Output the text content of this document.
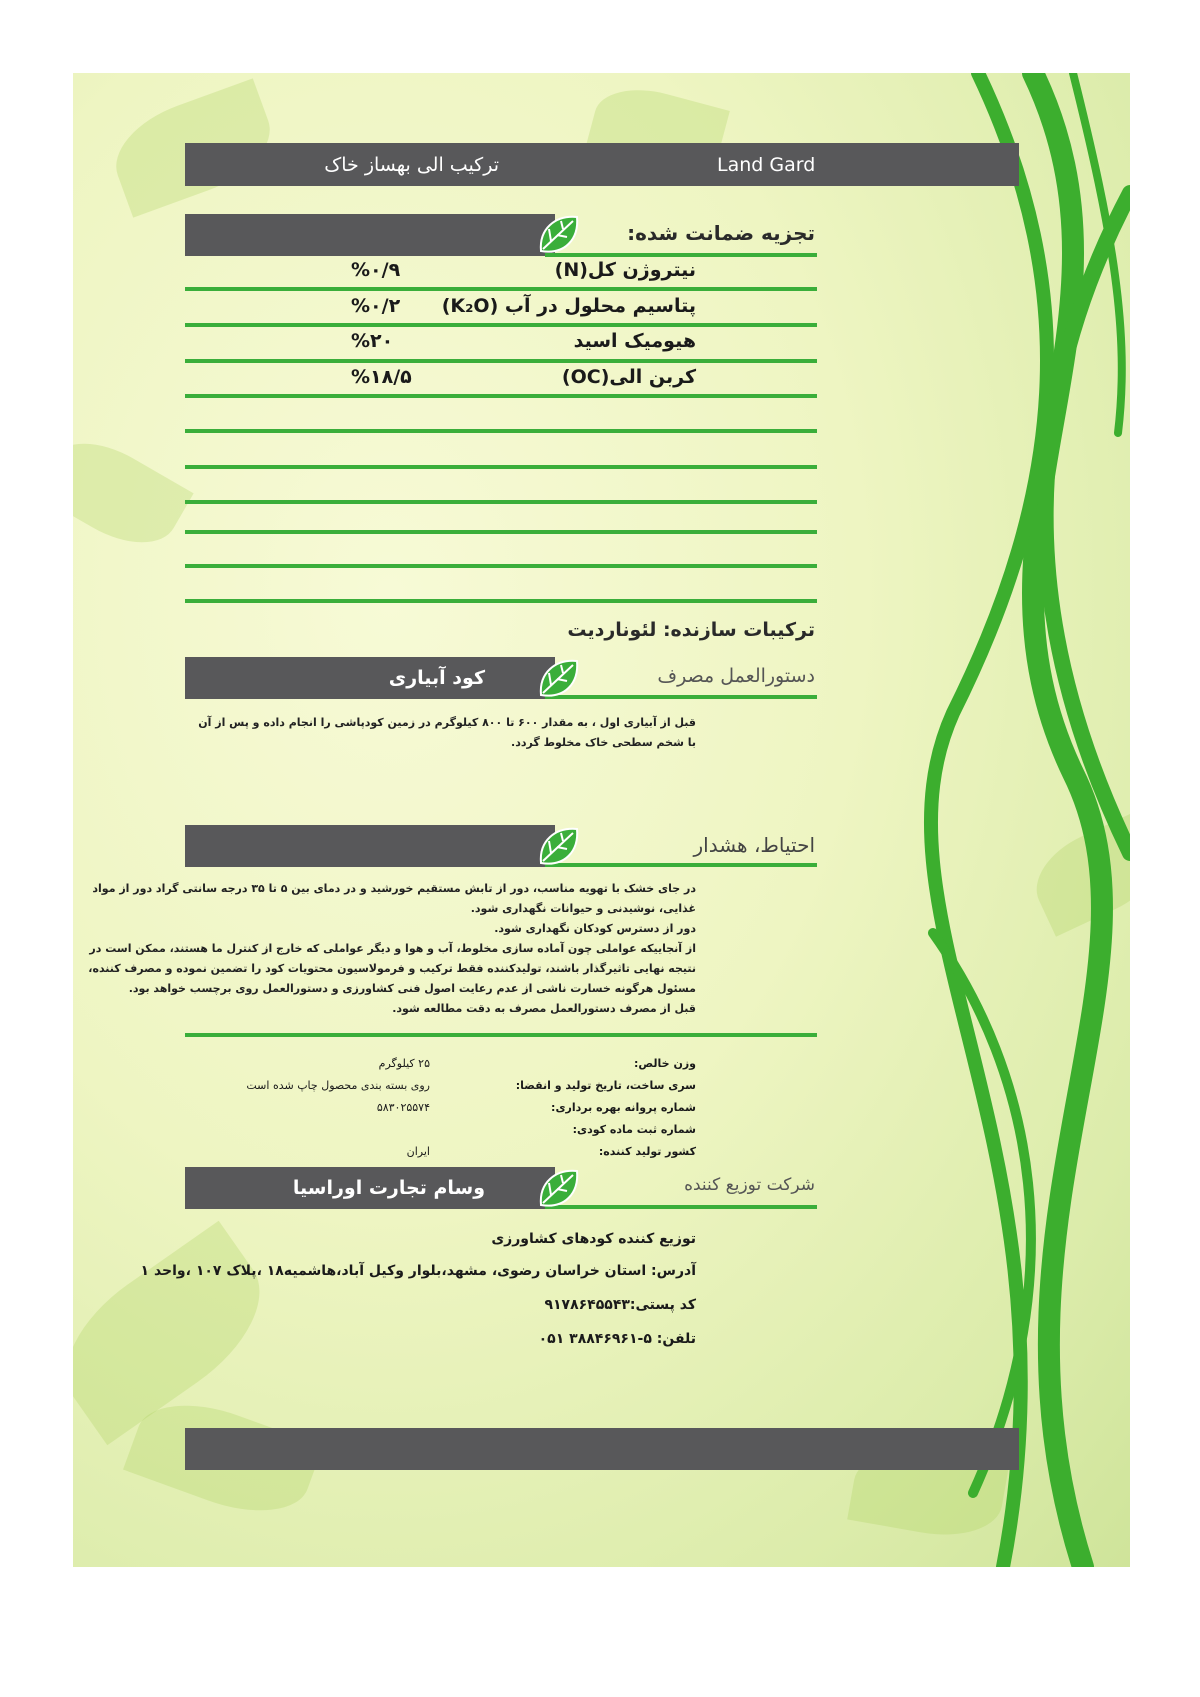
ترکیب الی بهساز خاک	Land Gard
تجزیه ضمانت شده:
نیتروژن کل(N)
%۰/۹
پتاسیم محلول در آب (K₂O)
%۰/۲
هیومیک اسید
%۲۰
کربن الی(OC)
%۱۸/۵
ترکیبات سازنده: لئوناردیت
کود آبیاری	دستورالعمل مصرف

قبل از آبیاری اول ، به مقدار ۶۰۰ تا ۸۰۰ کیلوگرم در زمین کودپاشی را انجام داده و پس از آن

با شخم سطحی خاک مخلوط گردد.

احتیاط، هشدار

در جای خشک با تهویه مناسب، دور از تابش مستقیم خورشید و در دمای بین ۵ تا ۳۵ درجه سانتی گراد دور از مواد

غذایی، نوشیدنی و حیوانات نگهداری شود.

دور از دسترس کودکان نگهداری شود.

از آنجاییکه عواملی چون آماده سازی مخلوط، آب و هوا و دیگر عواملی که خارج از کنترل ما هستند، ممکن است در

نتیجه نهایی تاثیرگذار باشند، تولیدکننده فقط ترکیب و فرمولاسیون محتویات کود را تضمین نموده و مصرف کننده،

مسئول هرگونه خسارت ناشی از عدم رعایت اصول فنی کشاورزی و دستورالعمل روی برچسب خواهد بود.

قبل از مصرف دستورالعمل مصرف به دقت مطالعه شود.

وزن خالص:
۲۵ کیلوگرم
سری ساخت، تاریخ تولید و انقضا:
روی بسته بندی محصول چاپ شده است
شماره پروانه بهره برداری:
۵۸۳۰۲۵۵۷۴
شماره ثبت ماده کودی:
کشور تولید کننده:
ایران
وسام تجارت اوراسیا	شرکت توزیع کننده
توزیع کننده کودهای کشاورزی
آدرس: استان خراسان رضوی، مشهد،بلوار وکیل آباد،هاشمیه۱۸ ،پلاک ۱۰۷ ،واحد ۱
کد پستی:۹۱۷۸۶۴۵۵۴۳
تلفن: ۵-۳۸۸۴۶۹۶۱ ۰۵۱
